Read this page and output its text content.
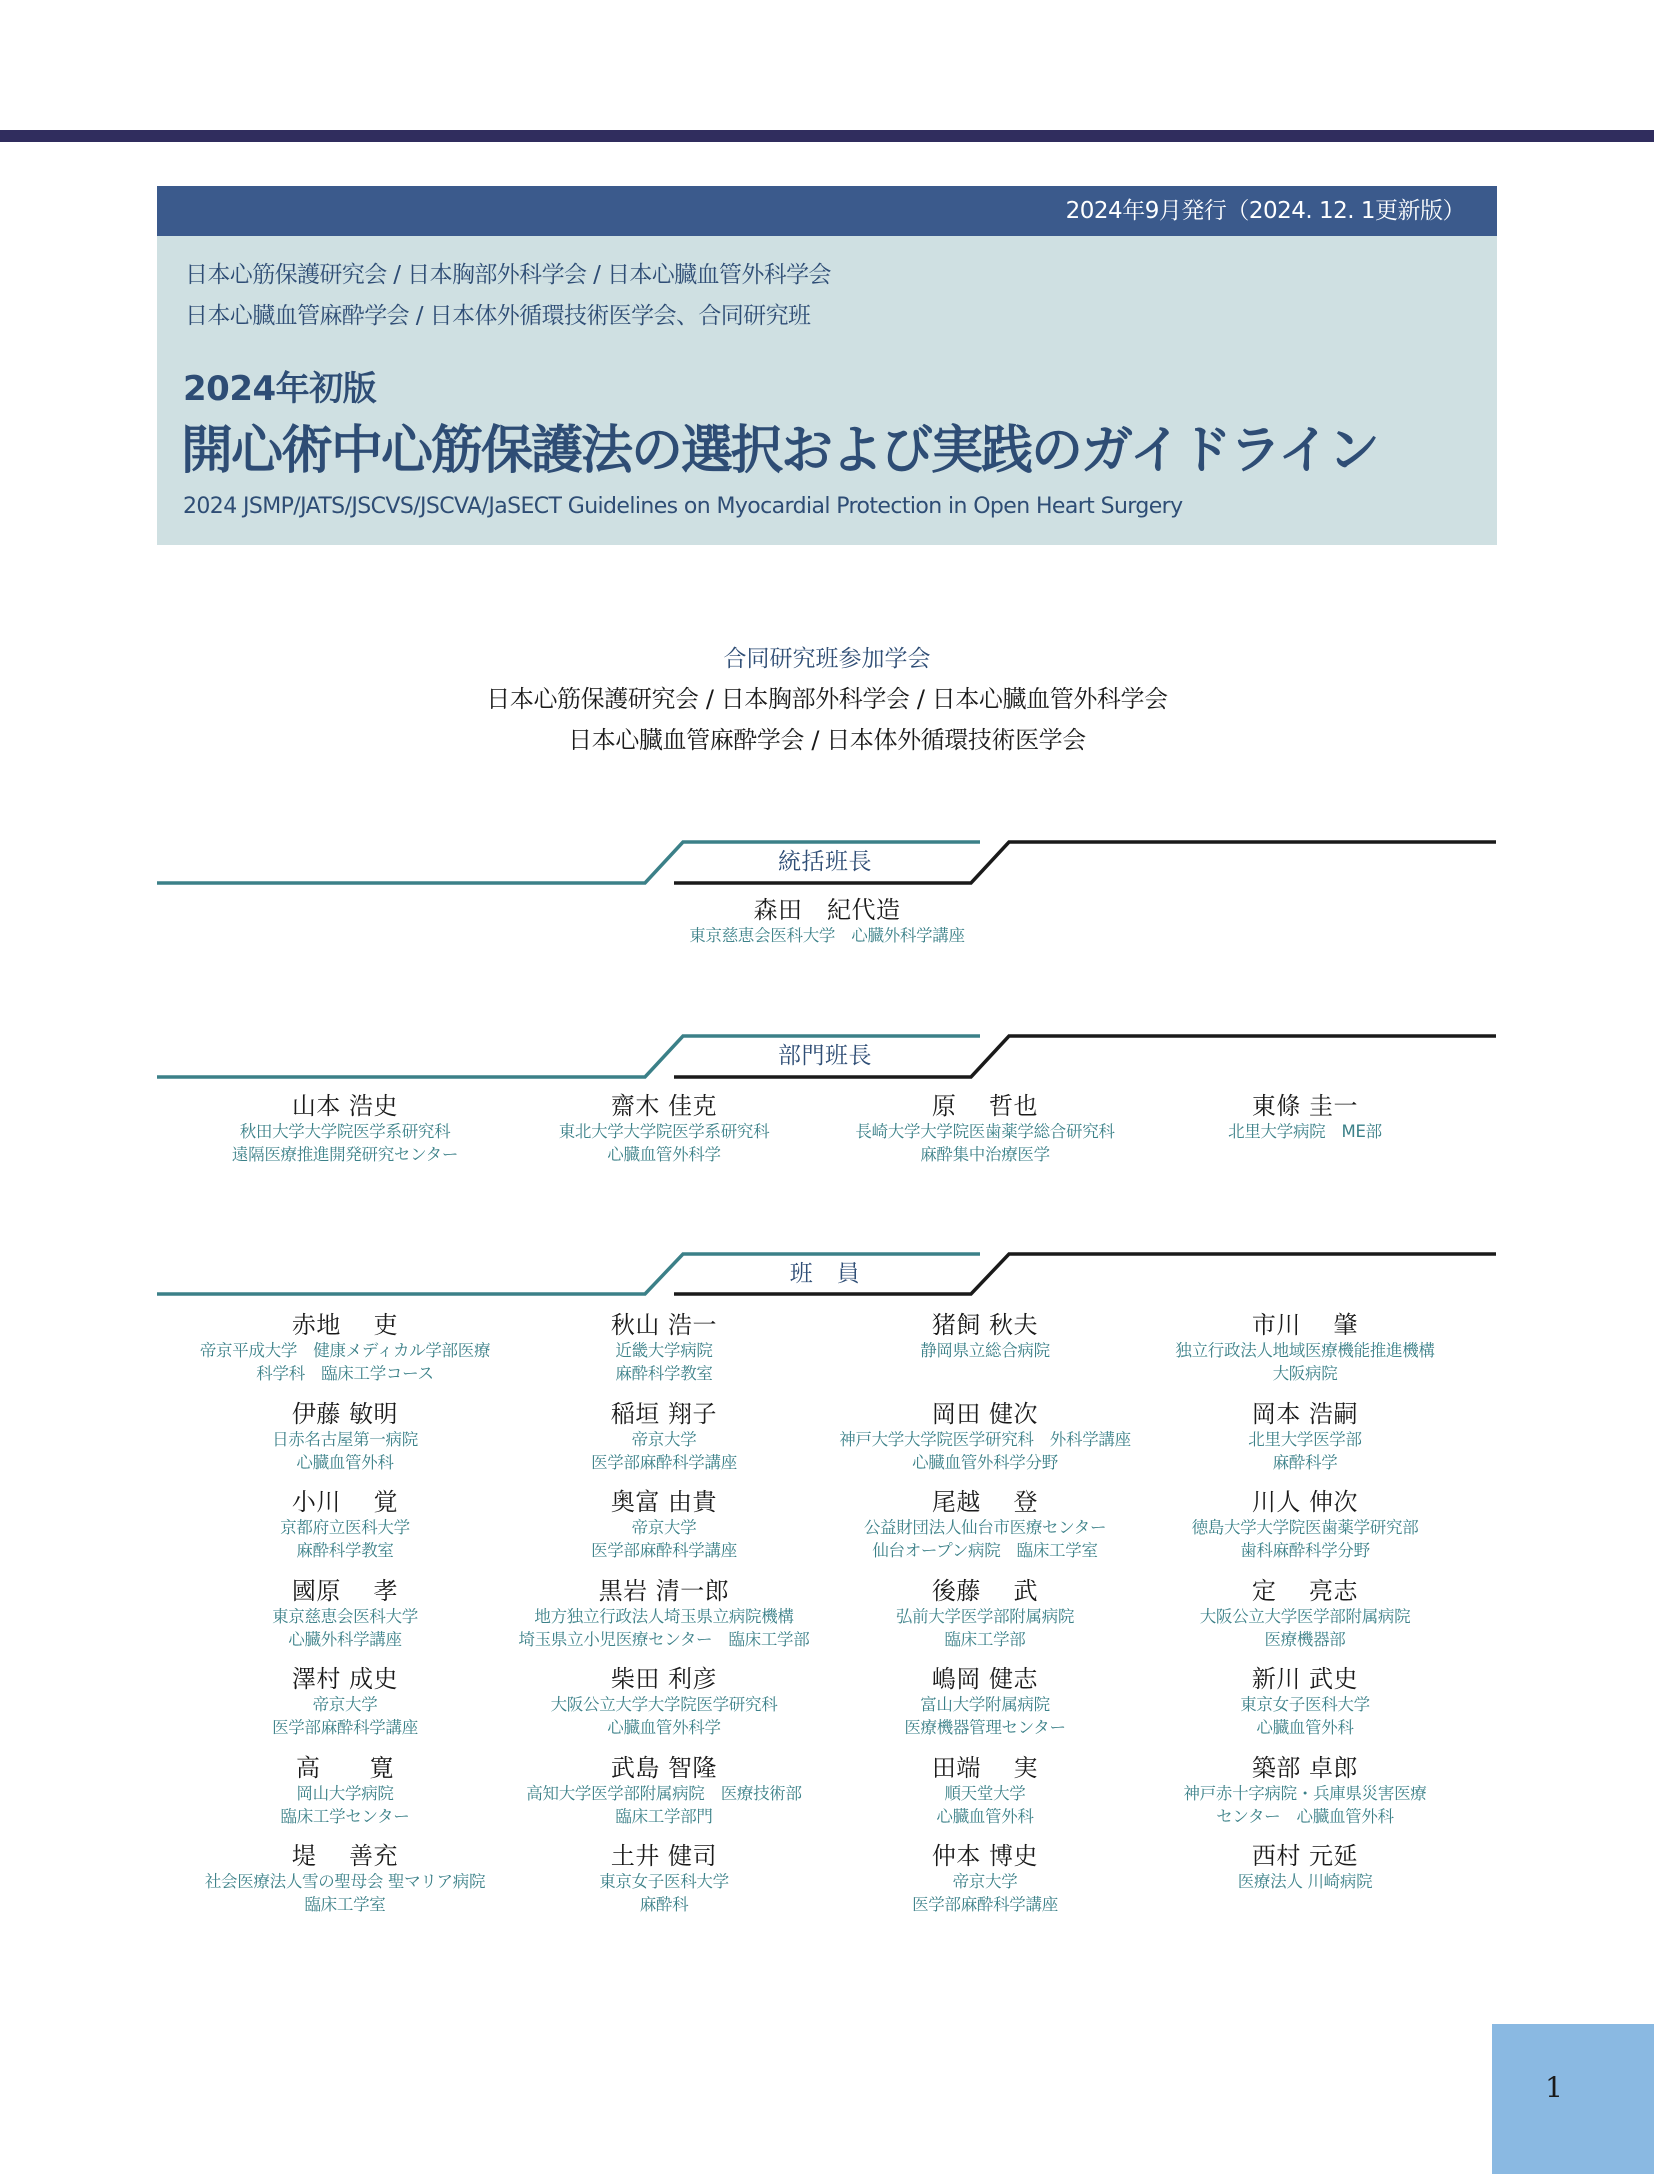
2024年9月発行（2024. 12. 1更新版）
日本心筋保護研究会 / 日本胸部外科学会 / 日本心臓血管外科学会
日本心臓血管麻酔学会 / 日本体外循環技術医学会、合同研究班
2024年初版
開心術中心筋保護法の選択および実践のガイドライン
2024 JSMP/JATS/JSCVS/JSCVA/JaSECT Guidelines on Myocardial Protection in Open Heart Surgery
合同研究班参加学会
日本心筋保護研究会 / 日本胸部外科学会 / 日本心臓血管外科学会
日本心臓血管麻酔学会 / 日本体外循環技術医学会
統括班長
森田　紀代造
東京慈恵会医科大学　心臓外科学講座
部門班長
山本 浩史
秋田大学大学院医学系研究科
遠隔医療推進開発研究センター
齋木 佳克
東北大学大学院医学系研究科
心臓血管外科学
原　 哲也
長崎大学大学院医歯薬学総合研究科
麻酔集中治療医学
東條 圭一
北里大学病院　ME部
班　員
赤地　 吏
帝京平成大学　健康メディカル学部医療
科学科　臨床工学コース
伊藤 敏明
日赤名古屋第一病院
心臓血管外科
小川　 覚
京都府立医科大学
麻酔科学教室
國原　 孝
東京慈恵会医科大学
心臓外科学講座
澤村 成史
帝京大学
医学部麻酔科学講座
高　　寛
岡山大学病院
臨床工学センター
堤　 善充
社会医療法人雪の聖母会 聖マリア病院
臨床工学室
秋山 浩一
近畿大学病院
麻酔科学教室
稲垣 翔子
帝京大学
医学部麻酔科学講座
奥富 由貴
帝京大学
医学部麻酔科学講座
黒岩 清一郎
地方独立行政法人埼玉県立病院機構
埼玉県立小児医療センター　臨床工学部
柴田 利彦
大阪公立大学大学院医学研究科
心臓血管外科学
武島 智隆
高知大学医学部附属病院　医療技術部
臨床工学部門
土井 健司
東京女子医科大学
麻酔科
猪飼 秋夫
静岡県立総合病院
岡田 健次
神戸大学大学院医学研究科　外科学講座
心臓血管外科学分野
尾越　 登
公益財団法人仙台市医療センター
仙台オープン病院　臨床工学室
後藤　 武
弘前大学医学部附属病院
臨床工学部
嶋岡 健志
富山大学附属病院
医療機器管理センター
田端　 実
順天堂大学
心臓血管外科
仲本 博史
帝京大学
医学部麻酔科学講座
市川　 肇
独立行政法人地域医療機能推進機構
大阪病院
岡本 浩嗣
北里大学医学部
麻酔科学
川人 伸次
徳島大学大学院医歯薬学研究部
歯科麻酔科学分野
定　 亮志
大阪公立大学医学部附属病院
医療機器部
新川 武史
東京女子医科大学
心臓血管外科
築部 卓郎
神戸赤十字病院・兵庫県災害医療
センター　心臓血管外科
西村 元延
医療法人 川崎病院
1
